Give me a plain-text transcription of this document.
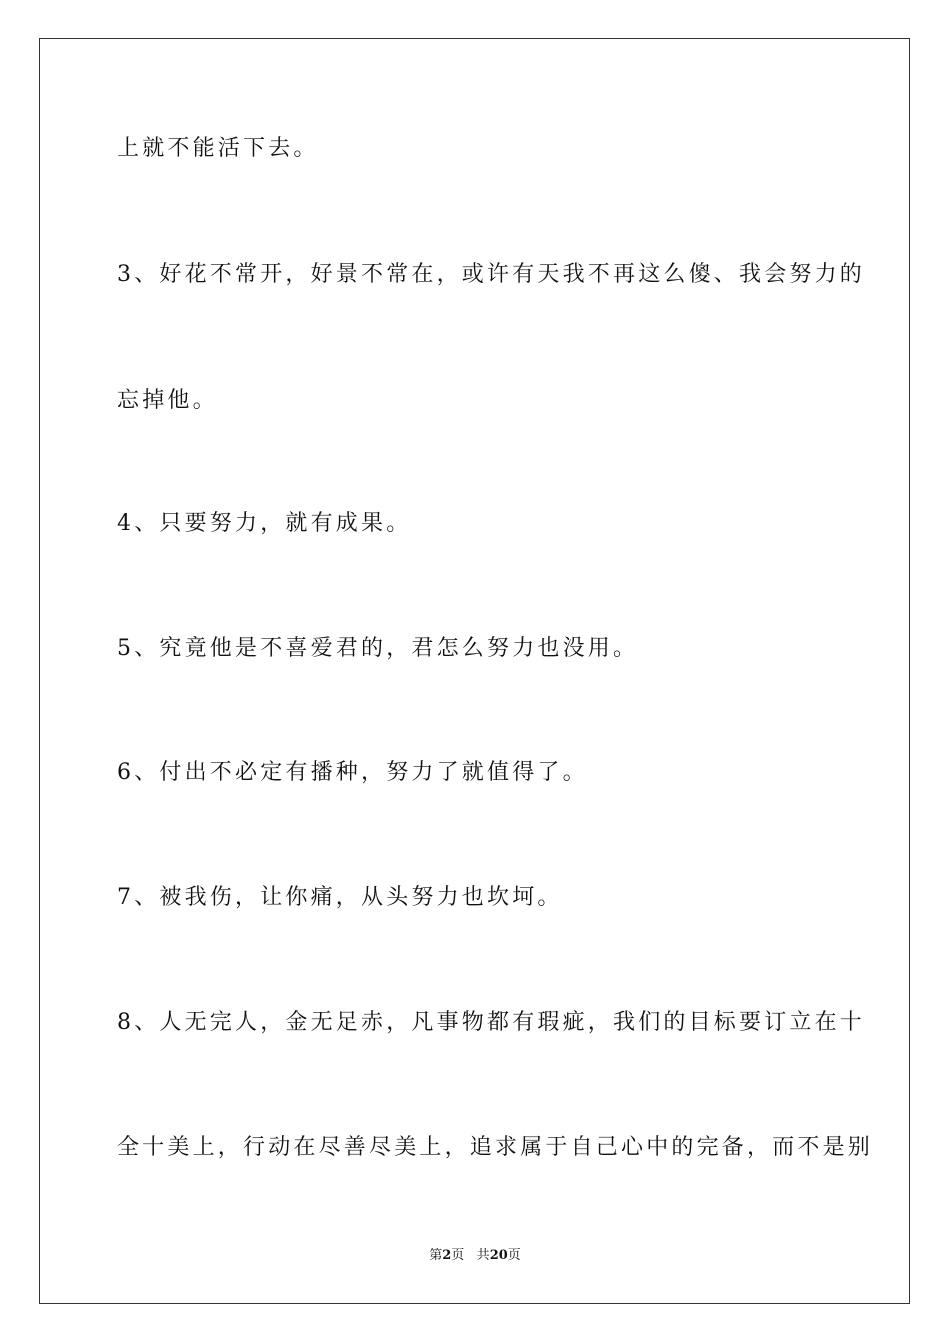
上就不能活下去。
3、好花不常开，好景不常在，或许有天我不再这么傻、我会努力的
忘掉他。
4、只要努力，就有成果。
5、究竟他是不喜爱君的，君怎么努力也没用。
6、付出不必定有播种，努力了就值得了。
7、被我伤，让你痛，从头努力也坎坷。
8、人无完人，金无足赤，凡事物都有瑕疵，我们的目标要订立在十
全十美上，行动在尽善尽美上，追求属于自己心中的完备，而不是别
第2页 共20页
